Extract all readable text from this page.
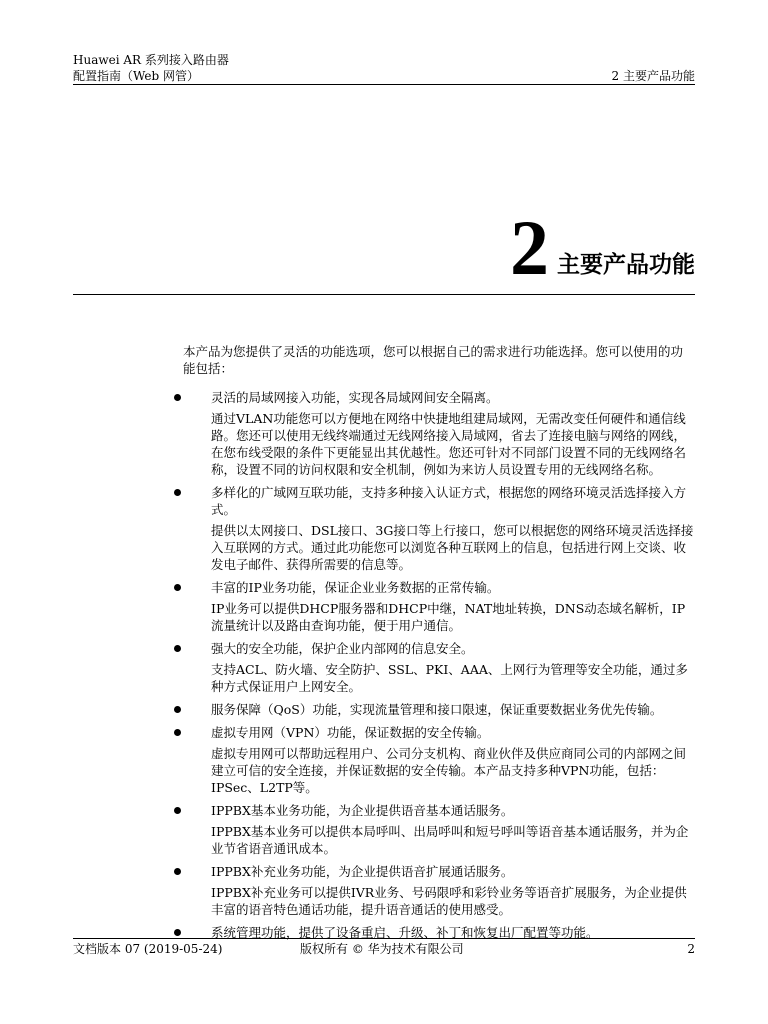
Huawei AR 系列接入路由器
配置指南（Web 网管）	2 主要产品功能
2 主要产品功能

本产品为您提供了灵活的功能选项，您可以根据自己的需求进行功能选择。您可以使用的功能包括：

灵活的局域网接入功能，实现各局域网间安全隔离。
通过VLAN功能您可以方便地在网络中快捷地组建局域网，无需改变任何硬件和通信线路。您还可以使用无线终端通过无线网络接入局域网，省去了连接电脑与网络的网线，在您布线受限的条件下更能显出其优越性。您还可针对不同部门设置不同的无线网络名称，设置不同的访问权限和安全机制，例如为来访人员设置专用的无线网络名称。
多样化的广域网互联功能，支持多种接入认证方式，根据您的网络环境灵活选择接入方式。
提供以太网接口、DSL接口、3G接口等上行接口，您可以根据您的网络环境灵活选择接入互联网的方式。通过此功能您可以浏览各种互联网上的信息，包括进行网上交谈、收发电子邮件、获得所需要的信息等。
丰富的IP业务功能，保证企业业务数据的正常传输。
IP业务可以提供DHCP服务器和DHCP中继，NAT地址转换，DNS动态域名解析，IP流量统计以及路由查询功能，便于用户通信。
强大的安全功能，保护企业内部网的信息安全。
支持ACL、防火墙、安全防护、SSL、PKI、AAA、上网行为管理等安全功能，通过多种方式保证用户上网安全。
服务保障（QoS）功能，实现流量管理和接口限速，保证重要数据业务优先传输。
虚拟专用网（VPN）功能，保证数据的安全传输。
虚拟专用网可以帮助远程用户、公司分支机构、商业伙伴及供应商同公司的内部网之间建立可信的安全连接，并保证数据的安全传输。本产品支持多种VPN功能，包括：IPSec、L2TP等。
IPPBX基本业务功能，为企业提供语音基本通话服务。
IPPBX基本业务可以提供本局呼叫、出局呼叫和短号呼叫等语音基本通话服务，并为企业节省语音通讯成本。
IPPBX补充业务功能，为企业提供语音扩展通话服务。
IPPBX补充业务可以提供IVR业务、号码限呼和彩铃业务等语音扩展服务，为企业提供丰富的语音特色通话功能，提升语音通话的使用感受。
系统管理功能，提供了设备重启、升级、补丁和恢复出厂配置等功能。
文档版本 07 (2019-05-24)	版权所有 © 华为技术有限公司	2
